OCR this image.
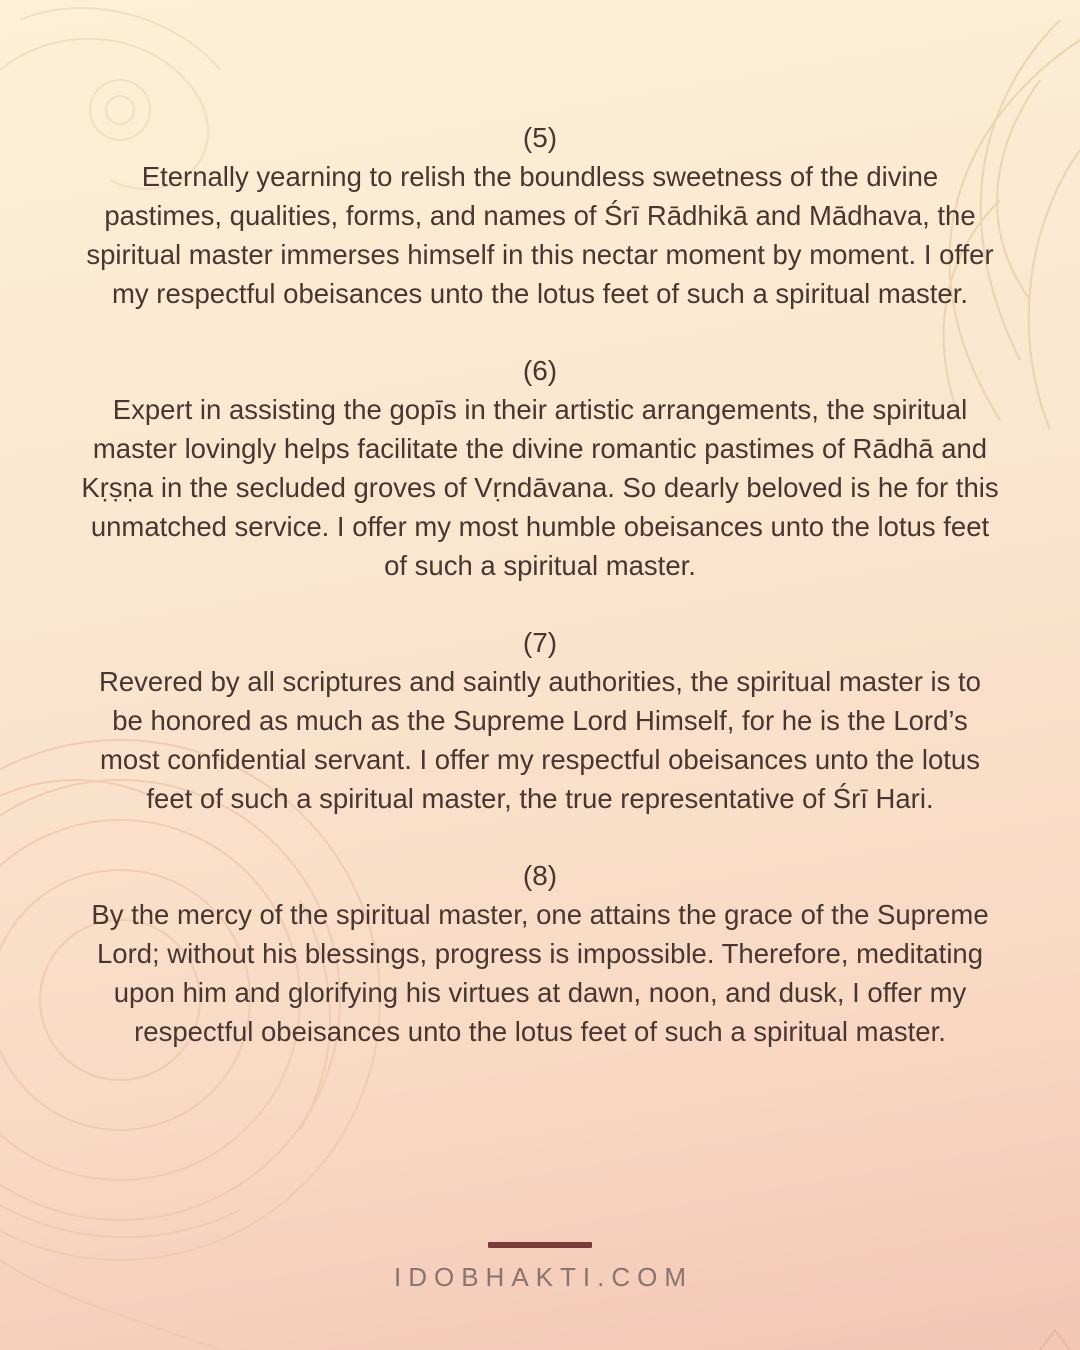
(5)

Eternally yearning to relish the boundless sweetness of the divine pastimes, qualities, forms, and names of Śrī Rādhikā and Mādhava, the spiritual master immerses himself in this nectar moment by moment. I offer my respectful obeisances unto the lotus feet of such a spiritual master.

(6)

Expert in assisting the gopīs in their artistic arrangements, the spiritual master lovingly helps facilitate the divine romantic pastimes of Rādhā and Kṛṣṇa in the secluded groves of Vṛndāvana. So dearly beloved is he for this unmatched service. I offer my most humble obeisances unto the lotus feet of such a spiritual master.

(7)

Revered by all scriptures and saintly authorities, the spiritual master is to be honored as much as the Supreme Lord Himself, for he is the Lord’s most confidential servant. I offer my respectful obeisances unto the lotus feet of such a spiritual master, the true representative of Śrī Hari.

(8)

By the mercy of the spiritual master, one attains the grace of the Supreme Lord; without his blessings, progress is impossible. Therefore, meditating upon him and glorifying his virtues at dawn, noon, and dusk, I offer my respectful obeisances unto the lotus feet of such a spiritual master.

IDOBHAKTI.COM
